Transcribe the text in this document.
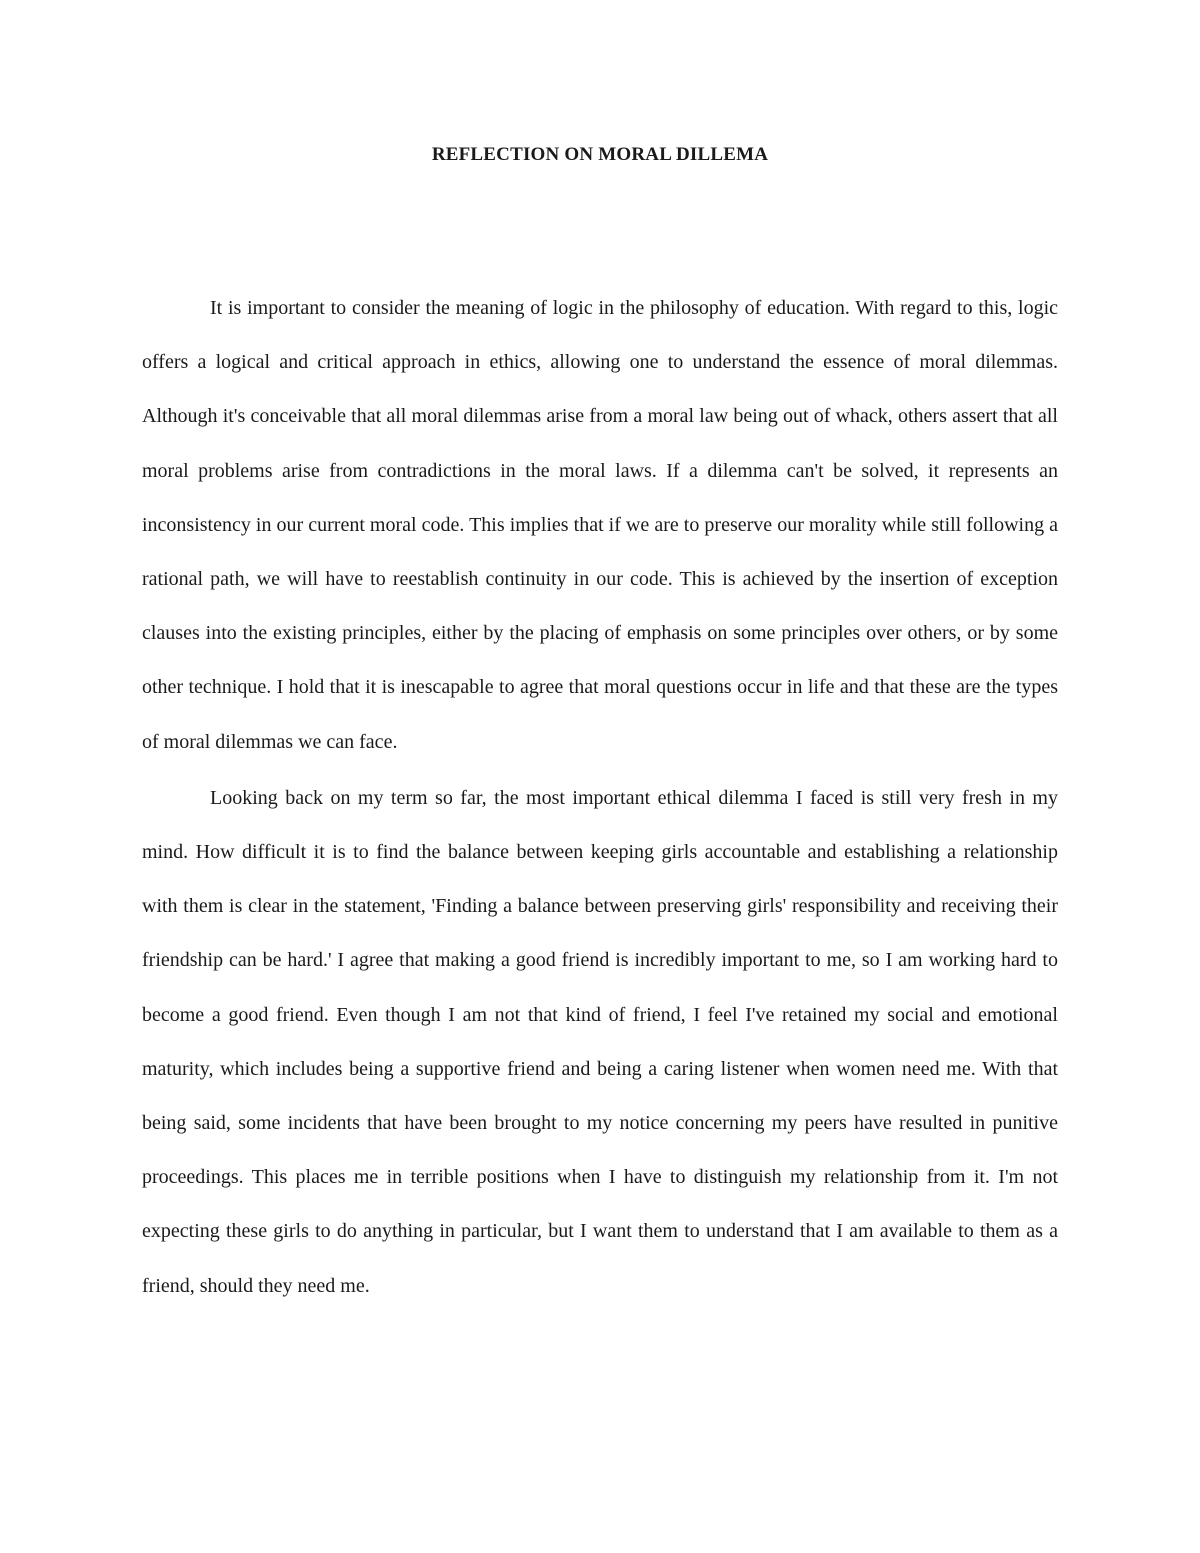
REFLECTION ON MORAL DILLEMA

It is important to consider the meaning of logic in the philosophy of education. With regard to this, logic offers a logical and critical approach in ethics, allowing one to understand the essence of moral dilemmas. Although it's conceivable that all moral dilemmas arise from a moral law being out of whack, others assert that all moral problems arise from contradictions in the moral laws. If a dilemma can't be solved, it represents an inconsistency in our current moral code. This implies that if we are to preserve our morality while still following a rational path, we will have to reestablish continuity in our code. This is achieved by the insertion of exception clauses into the existing principles, either by the placing of emphasis on some principles over others, or by some other technique. I hold that it is inescapable to agree that moral questions occur in life and that these are the types of moral dilemmas we can face.

Looking back on my term so far, the most important ethical dilemma I faced is still very fresh in my mind. How difficult it is to find the balance between keeping girls accountable and establishing a relationship with them is clear in the statement, 'Finding a balance between preserving girls' responsibility and receiving their friendship can be hard.' I agree that making a good friend is incredibly important to me, so I am working hard to become a good friend. Even though I am not that kind of friend, I feel I've retained my social and emotional maturity, which includes being a supportive friend and being a caring listener when women need me. With that being said, some incidents that have been brought to my notice concerning my peers have resulted in punitive proceedings. This places me in terrible positions when I have to distinguish my relationship from it. I'm not expecting these girls to do anything in particular, but I want them to understand that I am available to them as a friend, should they need me.
